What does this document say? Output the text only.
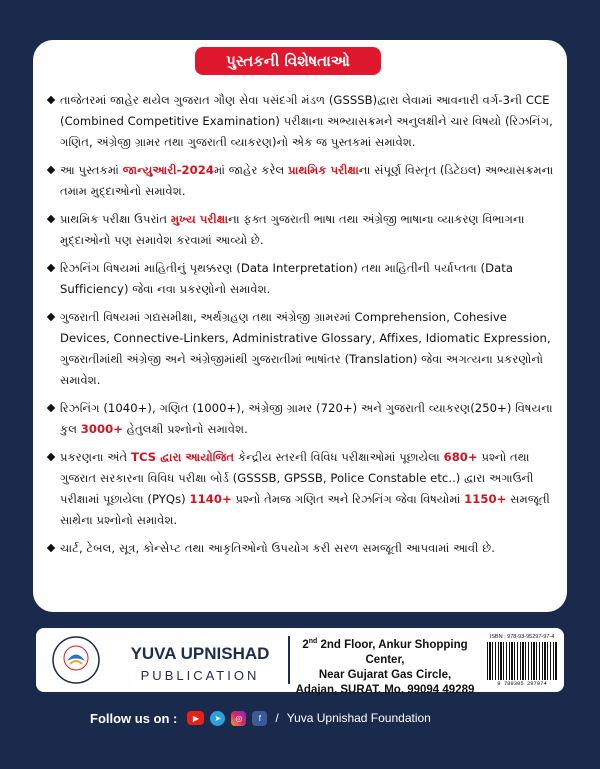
પુસ્તકની વિશેષતાઓ
તાજેતરમાં જાહેર થયેલ ગુજરાત ગૌણ સેવા પસંદગી મંડળ (GSSSB)દ્વારા લેવામાં આવનારી વર્ગ-3ની CCE (Combined Competitive Examination) પરીક્ષાના અભ્યાસક્રમને અનુલક્ષીને ચાર વિષયો (રિઝનિંગ, ગણિત, અંગ્રેજી ગ્રામર તથા ગુજરાતી વ્યાકરણ)નો એક જ પુસ્તકમાં સમાવેશ.
આ પુસ્તકમાં જાન્યુઆરી-2024માં જાહેર કરેલ પ્રાથમિક પરીક્ષાના સંપૂર્ણ વિસ્તૃત (ડિટેઇલ) અભ્યાસક્રમના તમામ મુદ્દાઓનો સમાવેશ.
પ્રાથમિક પરીક્ષા ઉપરાંત મુખ્ય પરીક્ષાના ફક્ત ગુજરાતી ભાષા તથા અંગ્રેજી ભાષાના વ્યાકરણ વિભાગના મુદ્દાઓનો પણ સમાવેશ કરવામાં આવ્યો છે.
રિઝનિંગ વિષયમાં માહિતીનું પૃથક્કરણ (Data Interpretation) તથા માહિતીની પર્યાપ્તતા (Data Sufficiency) જેવા નવા પ્રકરણોનો સમાવેશ.
ગુજરાતી વિષયમાં ગદ્યસમીક્ષા, અર્થગ્રહણ તથા અંગ્રેજી ગ્રામરમાં Comprehension, Cohesive Devices, Connective-Linkers, Administrative Glossary, Affixes, Idiomatic Expression, ગુજરાતીમાંથી અંગ્રેજી અને અંગ્રેજીમાંથી ગુજરાતીમાં ભાષાંતર (Translation) જેવા અગત્યના પ્રકરણોનો સમાવેશ.
રિઝનિંગ (1040+), ગણિત (1000+), અંગ્રેજી ગ્રામર (720+) અને ગુજરાતી વ્યાકરણ(250+) વિષયના કુલ 3000+ હેતુલક્ષી પ્રશ્નોનો સમાવેશ.
પ્રકરણના અંતે TCS દ્વારા આયોજિત કેન્દ્રીય સ્તરની વિવિધ પરીક્ષાઓમાં પૂછાયેલા 680+ પ્રશ્નો તથા ગુજરાત સરકારના વિવિધ પરીક્ષા બોર્ડ (GSSSB, GPSSB, Police Constable etc..) દ્વારા અગાઉની પરીક્ષામાં પૂછાયેલા (PYQs) 1140+ પ્રશ્નો તેમજ ગણિત અને રિઝનિંગ જેવા વિષયોમાં 1150+ સમજૂતી સાથેના પ્રશ્નોનો સમાવેશ.
ચાર્ટ, ટેબલ, સૂત્ર, કોન્સેપ્ટ તથા આકૃતિઓનો ઉપયોગ કરી સરળ સમજૂતી આપવામાં આવી છે.
YUVA UPNISHAD
PUBLICATION
2nd 2nd Floor, Ankur Shopping Center,
Near Gujarat Gas Circle,
Adajan, SURAT. Mo. 99094 49289
ISBN : 978-93-95297-97-4
9 789395 297974
Follow us on :	▶	➤	◎	f	/ Yuva Upnishad Foundation
